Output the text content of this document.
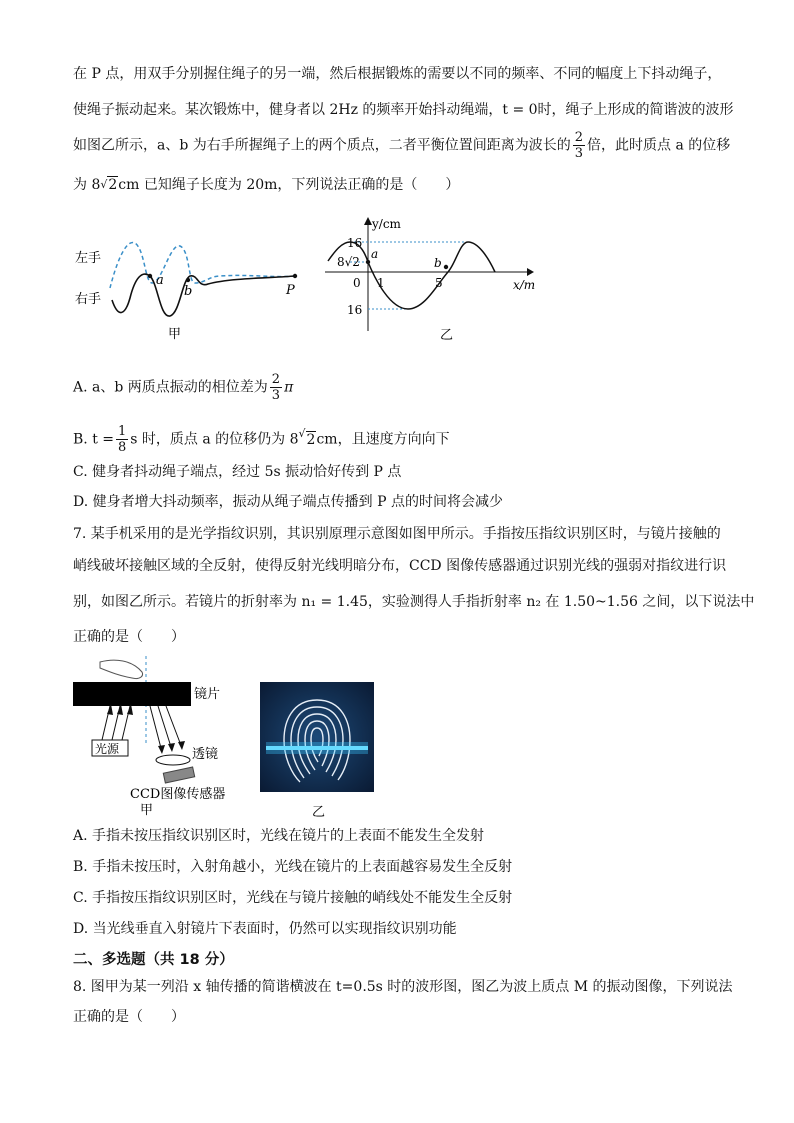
在 P 点，用双手分别握住绳子的另一端，然后根据锻炼的需要以不同的频率、不同的幅度上下抖动绳子，
使绳子振动起来。某次锻炼中，健身者以 2Hz 的频率开始抖动绳端，t = 0时，绳子上形成的简谐波的波形
如图乙所示，a、b 为右手所握绳子上的两个质点，二者平衡位置间距离为波长的 $\frac{2}{3}$ 倍，此时质点 a 的位移
为 8√2cm 已知绳子长度为 20m，下列说法正确的是（　　）
左手
右手
a
b	P
甲
y/cm
x/m
16
8√2
0 1	5
16
a
b
乙
A. a、b 两质点振动的相位差为 $\frac{2}{3}$ π
B. $t = \frac{1}{8}$ s 时，质点 a 的位移仍为 8√2cm，且速度方向向下
C. 健身者抖动绳子端点，经过 5s 振动恰好传到 P 点
D. 健身者增大抖动频率，振动从绳子端点传播到 P 点的时间将会减少
7. 某手机采用的是光学指纹识别，其识别原理示意图如图甲所示。手指按压指纹识别区时，与镜片接触的
峭线破坏接触区域的全反射，使得反射光线明暗分布，CCD 图像传感器通过识别光线的强弱对指纹进行识
别，如图乙所示。若镜片的折射率为 n₁ = 1.45，实验测得人手指折射率 n₂ 在 1.50~1.56 之间，以下说法中
正确的是（　　）
镜片
光源	透镜
CCD图像传感器
甲	乙
A. 手指未按压指纹识别区时，光线在镜片的上表面不能发生全发射
B. 手指未按压时，入射角越小，光线在镜片的上表面越容易发生全反射
C. 手指按压指纹识别区时，光线在与镜片接触的峭线处不能发生全反射
D. 当光线垂直入射镜片下表面时，仍然可以实现指纹识别功能
二、多选题（共 18 分）
8. 图甲为某一列沿 x 轴传播的简谐横波在 t=0.5s 时的波形图，图乙为波上质点 M 的振动图像，下列说法
正确的是（　　）
